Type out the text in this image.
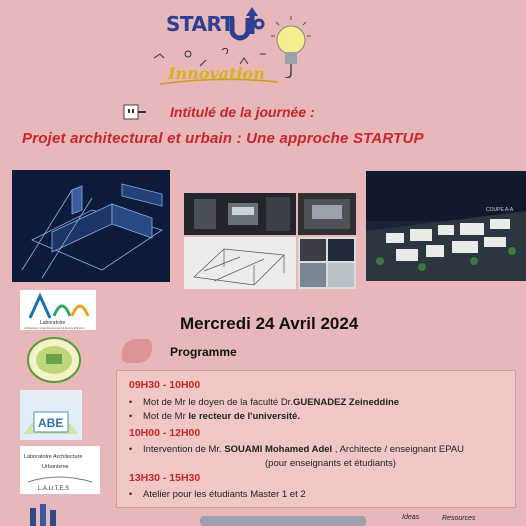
START
Innovation
Intitulé de la journée :
Projet architectural et urbain : Une approche STARTUP
COUPE A-A
Laboratoire
Architecture, Urban Environment & Energy Efficiency
ABE
Laboratoire Architecture
Urbanisme
L.A.U.T.E.S
Mercredi 24 Avril 2024
Programme
09H30 - 10H00
• Mot de Mr le doyen de la faculté Dr.GUENADEZ Zeineddine
• Mot de Mr le recteur de l'université.
10H00 - 12H00
• Intervention de Mr. SOUAMI Mohamed Adel , Architecte / enseignant EPAU
(pour enseignants et étudiants)
13H30 - 15H30
• Atelier pour les étudiants Master 1 et 2
Ideas	Resources
